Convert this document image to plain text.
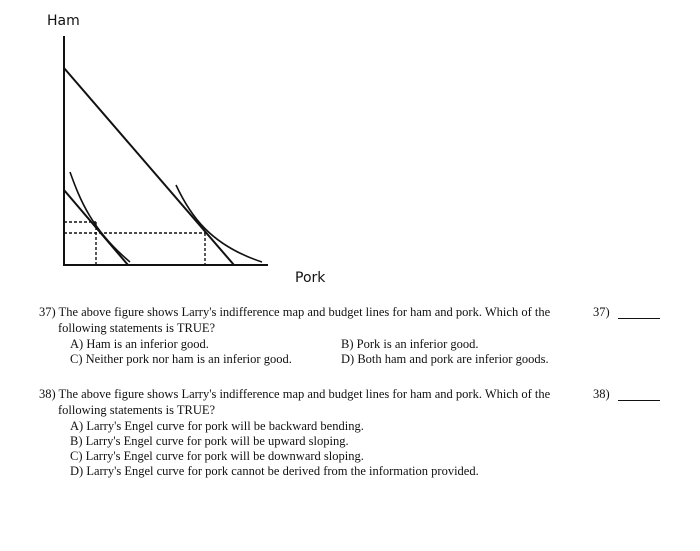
Ham
Pork
37) The above figure shows Larry's indifference map and budget lines for ham and pork. Which of the
following statements is TRUE?
37)
A) Ham is an inferior good.	B) Pork is an inferior good.
C) Neither pork nor ham is an inferior good.	D) Both ham and pork are inferior goods.
38) The above figure shows Larry's indifference map and budget lines for ham and pork. Which of the
following statements is TRUE?
38)
A) Larry's Engel curve for pork will be backward bending.
B) Larry's Engel curve for pork will be upward sloping.
C) Larry's Engel curve for pork will be downward sloping.
D) Larry's Engel curve for pork cannot be derived from the information provided.
